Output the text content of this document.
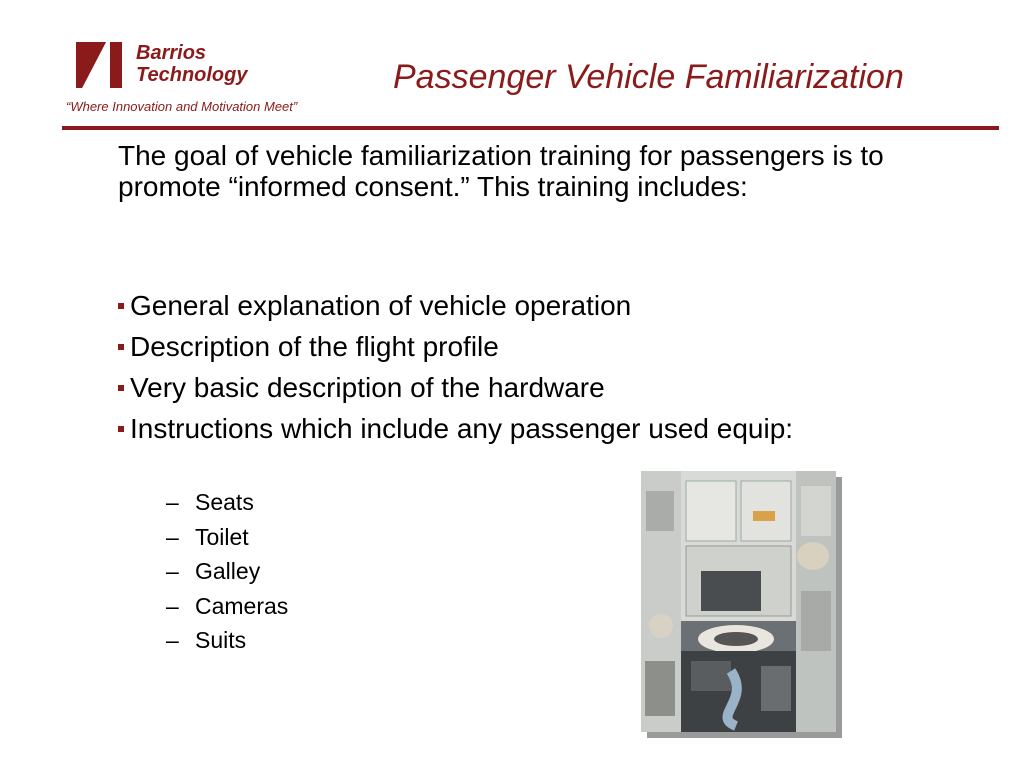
Barrios
Technology
“Where Innovation and Motivation Meet”
Passenger Vehicle Familiarization
The goal of vehicle familiarization training for passengers is to promote “informed consent.” This training includes:
General explanation of vehicle operation
Description of the flight profile
Very basic description of the hardware
Instructions which include any passenger used equip:
– Seats
– Toilet
– Galley
– Cameras
– Suits
